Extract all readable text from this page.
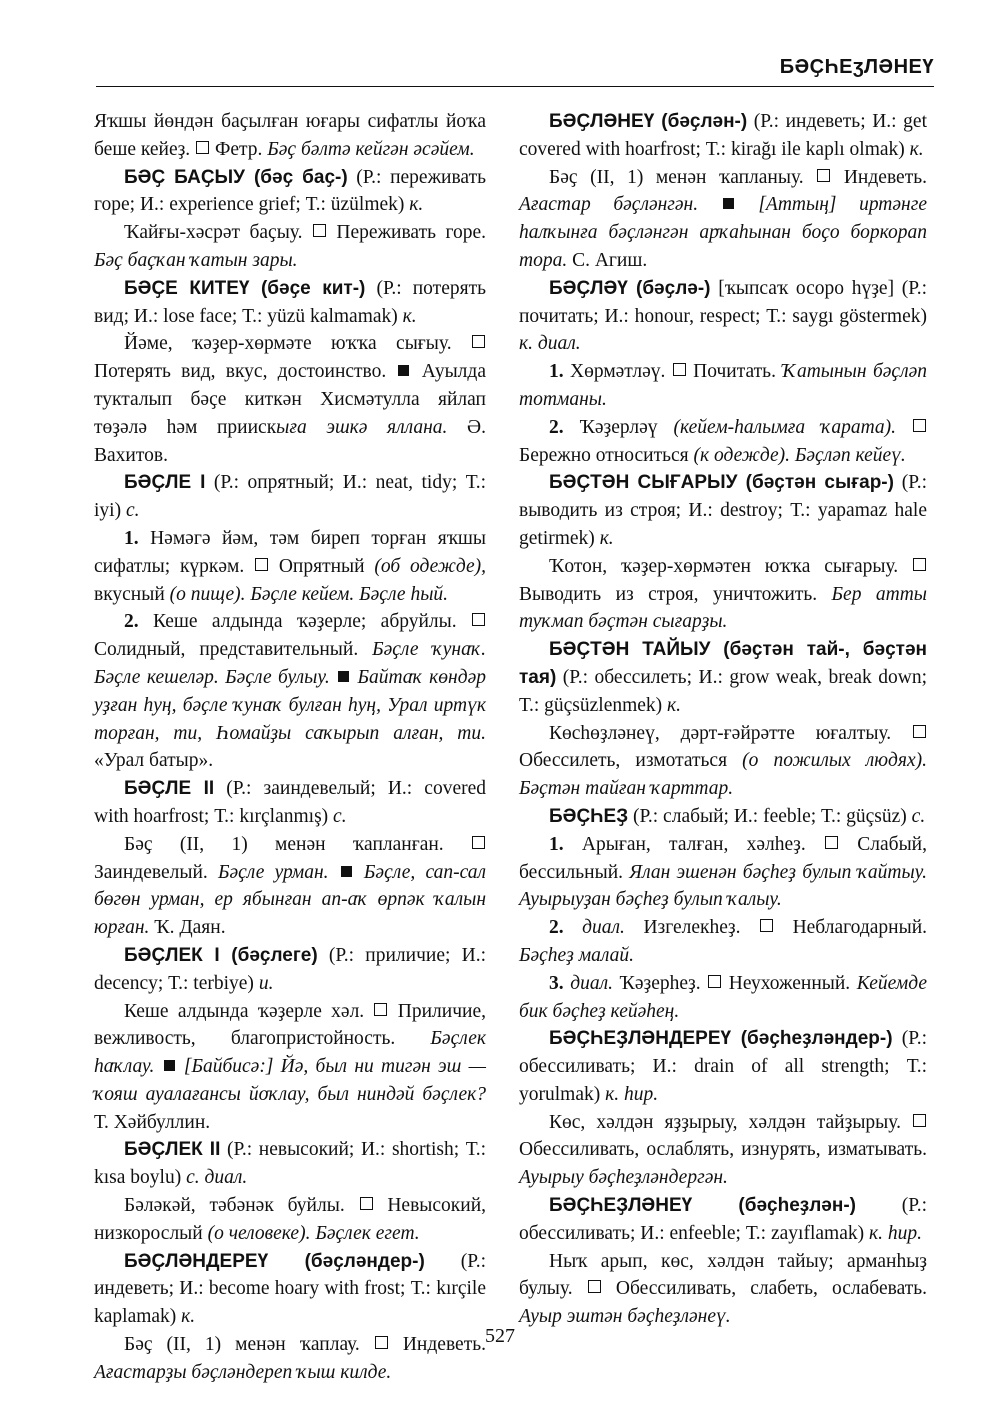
БӘҪҺЕӡЛӘНЕҮ

Яҡшы йөндән баҫылған юғары сифатлы йоҡа беше кейеҙ.  Фетр. Бәҫ бәлтә кейгән әсәйем.

БӘҪ БАҪЫУ (бәҫ баҫ-) (Р.: переживать горе; И.: experience grief; Т.: üzülmek) к.

Ҡайғы-хәсрәт баҫыу.  Переживать горе. Бәҫ баҫҡан ҡатын зары.

БӘҪЕ КИТЕҮ (бәҫе кит-) (Р.: потерять вид; И.: lose face; Т.: yüzü kalmamak) к.

Йәме, ҡәҙер-хөрмәте юҡҡа сығыу.  Потерять вид, вкус, достоинство.  Ауылда тукталып бәҫе киткән Хисмәтулла яйлап төҙәлә һәм приискыға эшкә яллана. Ә. Вахитов.

БӘҪЛЕ I (Р.: опрятный; И.: neat, tidy; Т.: iyi) с.

1. Нәмәгә йәм, тәм биреп торған яҡшы сифатлы; күркәм.  Опрятный (об одежде), вкусный (о пище). Бәҫле кейем. Бәҫле һый.

2. Кеше алдында ҡәҙерле; абруйлы.  Солидный, представительный. Бәҫле ҡунаҡ. Бәҫле кешеләр. Бәҫле булыу.  Байтаҡ көндәр уҙған һуң, бәҫле ҡунаҡ булған һуң, Урал иртүк торған, ти, Һомайҙы саҡырып алған, ти. «Урал батыр».

БӘҪЛЕ II (Р.: заиндевелый; И.: covered with hoarfrost; Т.: kırçlanmış) с.

Бәҫ (II, 1) менән ҡапланған.  Заиндевелый. Бәҫле урман.  Бәҫле, сап-сал бөгөн урман, ер ябынған ап-аҡ өрпәк ҡалын юрған. Ҡ. Даян.

БӘҪЛЕК I (бәҫлеге) (Р.: приличие; И.: decency; Т.: terbiye) и.

Кеше алдында ҡәҙерле хәл.  Приличие, вежливость, благопристойность. Бәҫлек һаҡлау.  [Байбисә:] Йә, был ни тигән эш — ҡояш ауалағансы йоҡлау, был ниндәй бәҫлек? Т. Хәйбуллин.

БӘҪЛЕК II (Р.: невысокий; И.: shortish; Т.: kısa boylu) с. диал.

Бәләкәй, тәбәнәк буйлы.  Невысокий, низкорослый (о человеке). Бәҫлек егет.

БӘҪЛӘНДЕРЕҮ (бәҫләндер-) (Р.: индеветь; И.: become hoary with frost; Т.: kırçile kaplamak) к.

Бәҫ (II, 1) менән ҡаплау.  Индеветь. Ағастарҙы бәҫләндереп ҡыш килде.

БӘҪЛӘНЕҮ (бәҫлән-) (Р.: индеветь; И.: get covered with hoarfrost; Т.: kirağı ile kaplı olmak) к.

Бәҫ (II, 1) менән ҡапланыу.  Индеветь. Ағастар бәҫләнгән.  [Аттың] иртәнге һалҡынға бәҫләнгән арҡаһынан боҫо боркорап тора. С. Агиш.

БӘҪЛӘҮ (бәҫлә-) [ҡыпсаҡ осоро һүҙе] (Р.: почитать; И.: honour, respect; Т.: saygı göstermek) к. диал.

1. Хөрмәтләү.  Почитать. Ҡатынын бәҫләп тотманы.

2. Ҡәҙерләү (кейем-һалымға ҡарата).  Бережно относиться (к одежде). Бәҫләп кейеү.

БӘҪТӘН СЫҒАРЫУ (бәҫтән сығар-) (Р.: выводить из строя; И.: destroy; Т.: yapamaz hale getirmek) к.

Ҡотон, ҡәҙер-хөрмәтен юҡҡа сығарыу.  Выводить из строя, уничтожить. Бер атты туҡмап бәҫтән сығарҙы.

БӘҪТӘН ТАЙЫУ (бәҫтән тай-, бәҫтән тая) (Р.: обессилеть; И.: grow weak, break down; Т.: güçsüzlenmek) к.

Көсһөҙләнеү, дәрт-ғәйрәтте юғалтыу.  Обессилеть, измотаться (о пожилых людях). Бәҫтән тайған ҡарттар.

БӘҪҺЕҘ (Р.: слабый; И.: feeble; Т.: güçsüz) с.

1. Арыған, талған, хәлһеҙ.  Слабый, бессильный. Ялан эшенән бәҫһеҙ булып ҡайтыу. Ауырыуҙан бәҫһеҙ булып ҡалыу.

2. диал. Изгелекһеҙ.  Неблагодарный. Бәҫһеҙ малай.

3. диал. Ҡәҙерһеҙ.  Неухоженный. Кейемде бик бәҫһеҙ кейәһең.

БӘҪҺЕҘЛӘНДЕРЕҮ (бәҫһеҙләндер-) (Р.: обессиливать; И.: drain of all strength; Т.: yorulmak) к. һир.

Көс, хәлдән яҙҙырыу, хәлдән тайҙырыу.  Обессиливать, ослаблять, изнурять, изматывать. Ауырыу бәҫһеҙләндергән.

БӘҪҺЕҘЛӘНЕҮ (бәҫһеҙлән-) (Р.: обессиливать; И.: enfeeble; Т.: zayıflamak) к. һир.

Ныҡ арып, көс, хәлдән тайыу; арманһыҙ булыу.  Обессиливать, слабеть, ослабевать. Ауыр эштән бәҫһеҙләнеү.

527
